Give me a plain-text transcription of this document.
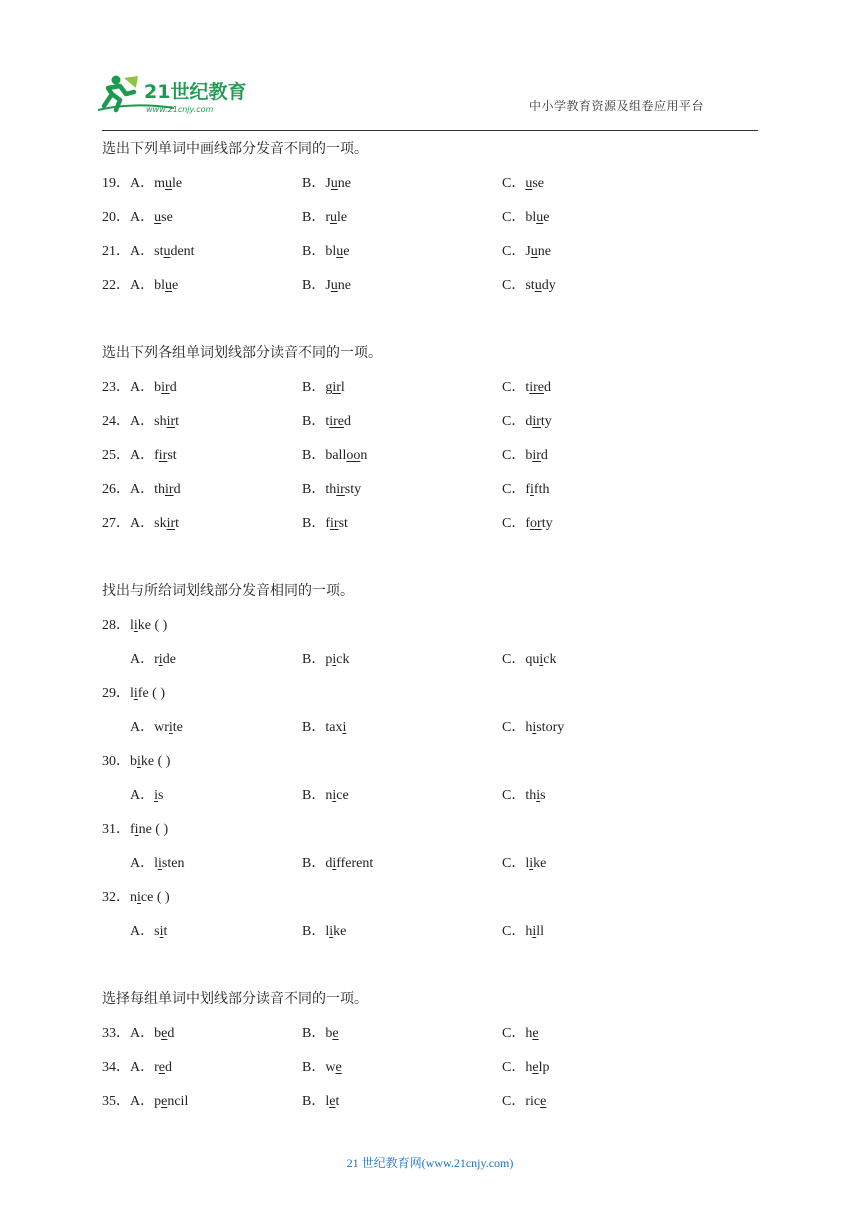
21世纪教育
www.21cnjy.com	中小学教育资源及组卷应用平台
选出下列单词中画线部分发音不同的一项。
19．A．mule	B．June	C．use
20．A．use	B．rule	C．blue
21．A．student	B．blue	C．June
22．A．blue	B．June	C．study
选出下列各组单词划线部分读音不同的一项。
23．A．bird	B．girl	C．tired
24．A．shirt	B．tired	C．dirty
25．A．first	B．balloon	C．bird
26．A．third	B．thirsty	C．fifth
27．A．skirt	B．first	C．forty
找出与所给词划线部分发音相同的一项。
28．like ( )
A．ride	B．pick	C．quick
29．life ( )
A．write	B．taxi	C．history
30．bike ( )
A．is	B．nice	C．this
31．fine ( )
A．listen	B．different	C．like
32．nice ( )
A．sit	B．like	C．hill
选择每组单词中划线部分读音不同的一项。
33．A．bed	B．be	C．he
34．A．red	B．we	C．help
35．A．pencil	B．let	C．rice
21 世纪教育网(www.21cnjy.com)
